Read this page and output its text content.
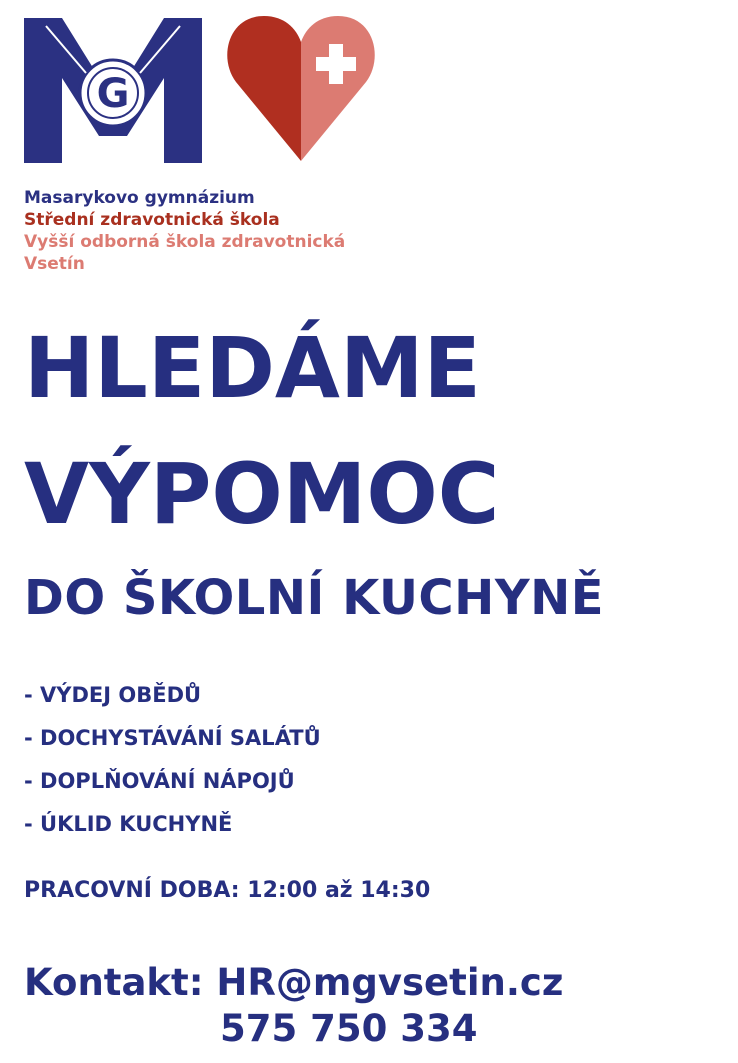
G
Masarykovo gymnázium
Střední zdravotnická škola
Vyšší odborná škola zdravotnická
Vsetín
HLEDÁME
VÝPOMOC
DO ŠKOLNÍ KUCHYNĚ
- VÝDEJ OBĚDŮ
- DOCHYSTÁVÁNÍ SALÁTŮ
- DOPLŇOVÁNÍ NÁPOJŮ
- ÚKLID KUCHYNĚ
PRACOVNÍ DOBA: 12:00 až 14:30
Kontakt: HR@mgvsetin.cz
575 750 334
